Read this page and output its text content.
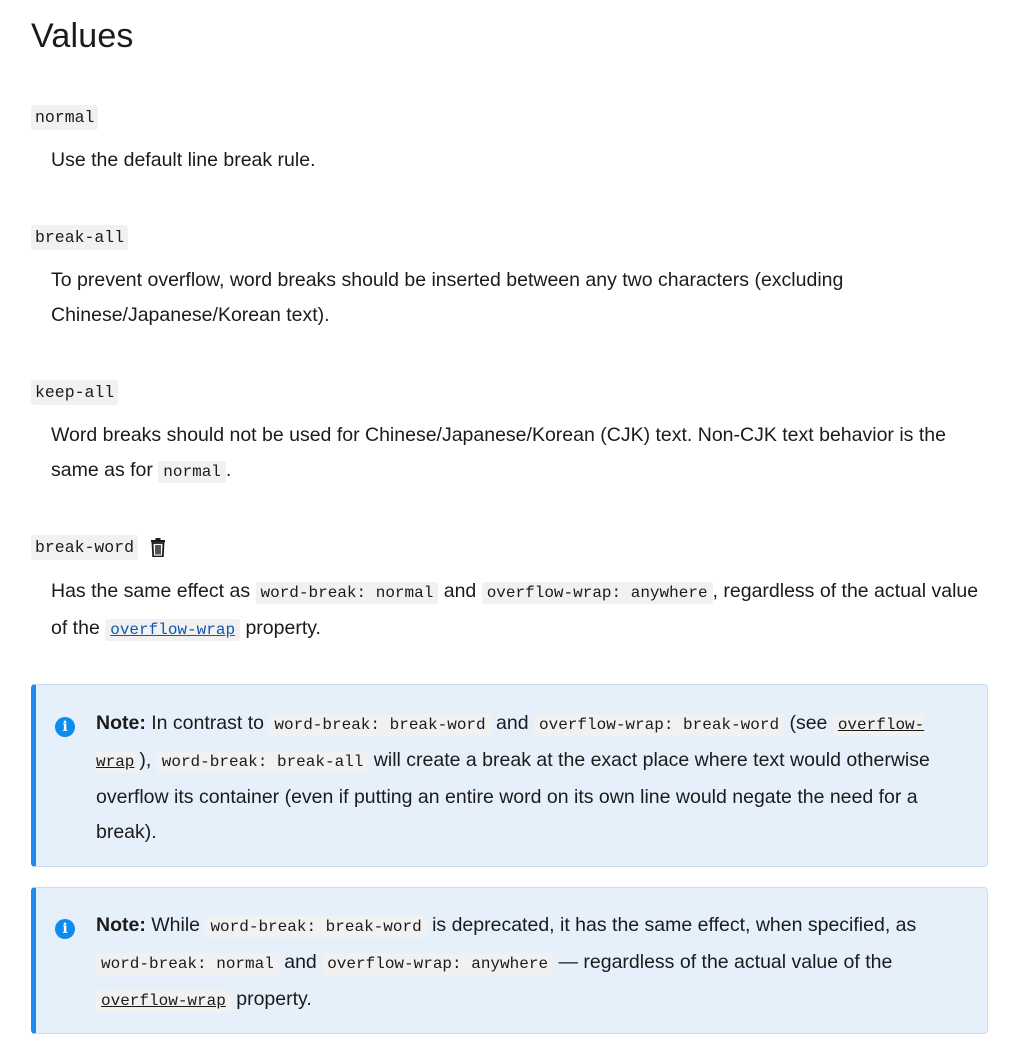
Values
normal
Use the default line break rule.
break-all
To prevent overflow, word breaks should be inserted between any two characters (excluding Chinese/Japanese/Korean text).
keep-all
Word breaks should not be used for Chinese/Japanese/Korean (CJK) text. Non-CJK text behavior is the same as for normal .
break-word
Has the same effect as word-break: normal and overflow-wrap: anywhere , regardless of the actual value of the overflow-wrap property.
i	Note: In contrast to word-break: break-word and overflow-wrap: break-word (see overflow-wrap ), word-break: break-all will create a break at the exact place where text would otherwise overflow its container (even if putting an entire word on its own line would negate the need for a break).
i	Note: While word-break: break-word is deprecated, it has the same effect, when specified, as word-break: normal and overflow-wrap: anywhere — regardless of the actual value of the overflow-wrap property.
